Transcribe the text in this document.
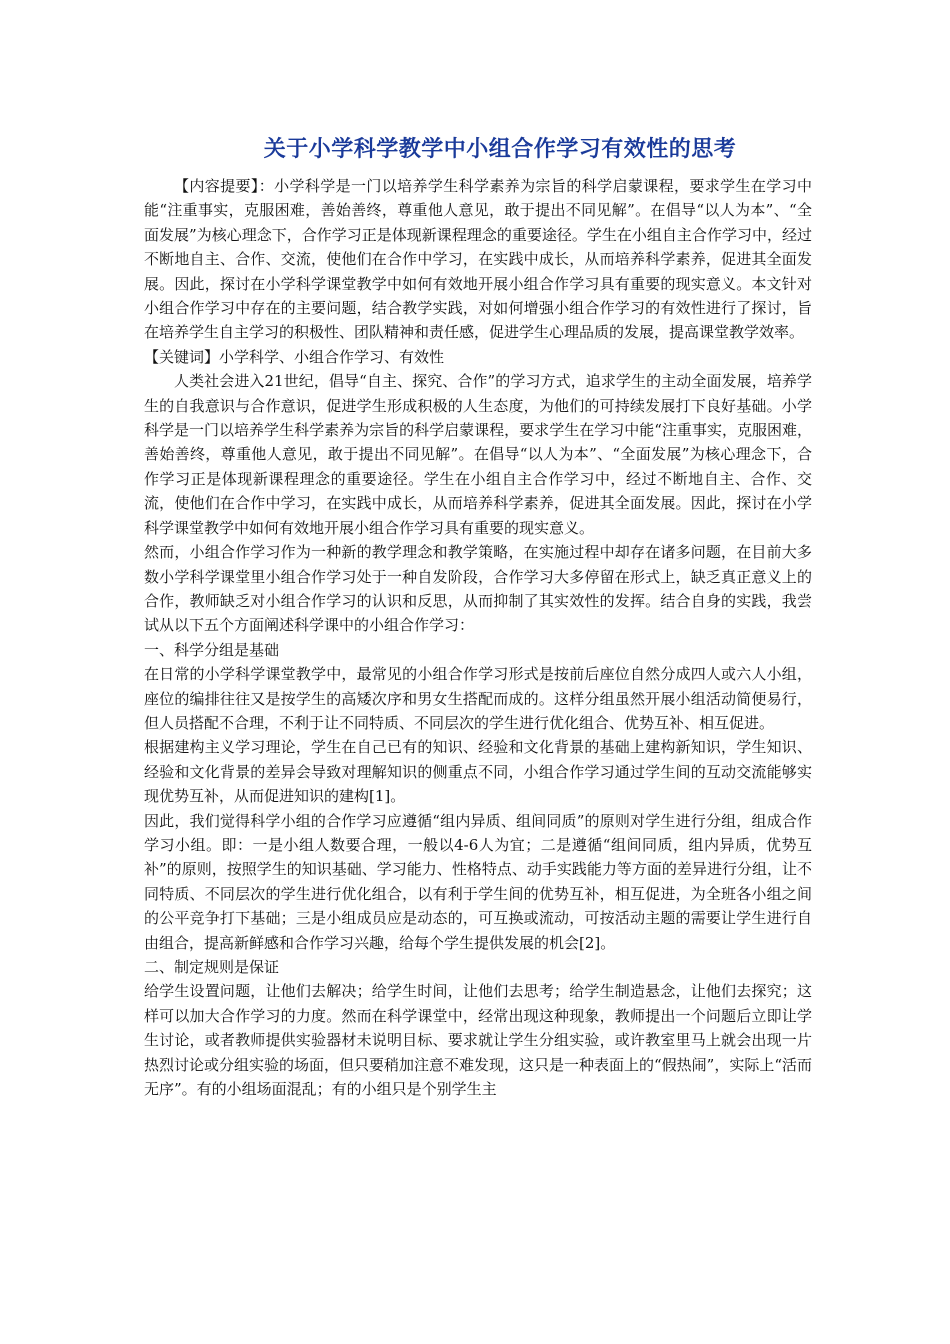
关于小学科学教学中小组合作学习有效性的思考

【内容提要】：小学科学是一门以培养学生科学素养为宗旨的科学启蒙课程，要求学生在学习中能“注重事实，克服困难，善始善终，尊重他人意见，敢于提出不同见解”。在倡导“以人为本”、“全面发展”为核心理念下，合作学习正是体现新课程理念的重要途径。学生在小组自主合作学习中，经过不断地自主、合作、交流，使他们在合作中学习，在实践中成长，从而培养科学素养，促进其全面发展。因此，探讨在小学科学课堂教学中如何有效地开展小组合作学习具有重要的现实意义。本文针对小组合作学习中存在的主要问题，结合教学实践，对如何增强小组合作学习的有效性进行了探讨，旨在培养学生自主学习的积极性、团队精神和责任感，促进学生心理品质的发展，提高课堂教学效率。

【关键词】小学科学、小组合作学习、有效性

人类社会进入21世纪，倡导“自主、探究、合作”的学习方式，追求学生的主动全面发展，培养学生的自我意识与合作意识，促进学生形成积极的人生态度，为他们的可持续发展打下良好基础。小学科学是一门以培养学生科学素养为宗旨的科学启蒙课程，要求学生在学习中能“注重事实，克服困难，善始善终，尊重他人意见，敢于提出不同见解”。在倡导“以人为本”、“全面发展”为核心理念下，合作学习正是体现新课程理念的重要途径。学生在小组自主合作学习中，经过不断地自主、合作、交流，使他们在合作中学习，在实践中成长，从而培养科学素养，促进其全面发展。因此，探讨在小学科学课堂教学中如何有效地开展小组合作学习具有重要的现实意义。

然而，小组合作学习作为一种新的教学理念和教学策略，在实施过程中却存在诸多问题，在目前大多数小学科学课堂里小组合作学习处于一种自发阶段，合作学习大多停留在形式上，缺乏真正意义上的合作，教师缺乏对小组合作学习的认识和反思，从而抑制了其实效性的发挥。结合自身的实践，我尝试从以下五个方面阐述科学课中的小组合作学习：

一、科学分组是基础

在日常的小学科学课堂教学中，最常见的小组合作学习形式是按前后座位自然分成四人或六人小组，座位的编排往往又是按学生的高矮次序和男女生搭配而成的。这样分组虽然开展小组活动简便易行，但人员搭配不合理，不利于让不同特质、不同层次的学生进行优化组合、优势互补、相互促进。

根据建构主义学习理论，学生在自己已有的知识、经验和文化背景的基础上建构新知识，学生知识、经验和文化背景的差异会导致对理解知识的侧重点不同，小组合作学习通过学生间的互动交流能够实现优势互补，从而促进知识的建构[1]。

因此，我们觉得科学小组的合作学习应遵循“组内异质、组间同质”的原则对学生进行分组，组成合作学习小组。即：一是小组人数要合理，一般以4-6人为宜；二是遵循“组间同质，组内异质，优势互补”的原则，按照学生的知识基础、学习能力、性格特点、动手实践能力等方面的差异进行分组，让不同特质、不同层次的学生进行优化组合，以有利于学生间的优势互补，相互促进，为全班各小组之间的公平竞争打下基础；三是小组成员应是动态的，可互换或流动，可按活动主题的需要让学生进行自由组合，提高新鲜感和合作学习兴趣，给每个学生提供发展的机会[2]。

二、制定规则是保证

给学生设置问题，让他们去解决；给学生时间，让他们去思考；给学生制造悬念，让他们去探究；这样可以加大合作学习的力度。然而在科学课堂中，经常出现这种现象，教师提出一个问题后立即让学生讨论，或者教师提供实验器材未说明目标、要求就让学生分组实验，或许教室里马上就会出现一片热烈讨论或分组实验的场面，但只要稍加注意不难发现，这只是一种表面上的“假热闹”，实际上“活而无序”。有的小组场面混乱；有的小组只是个别学生主
